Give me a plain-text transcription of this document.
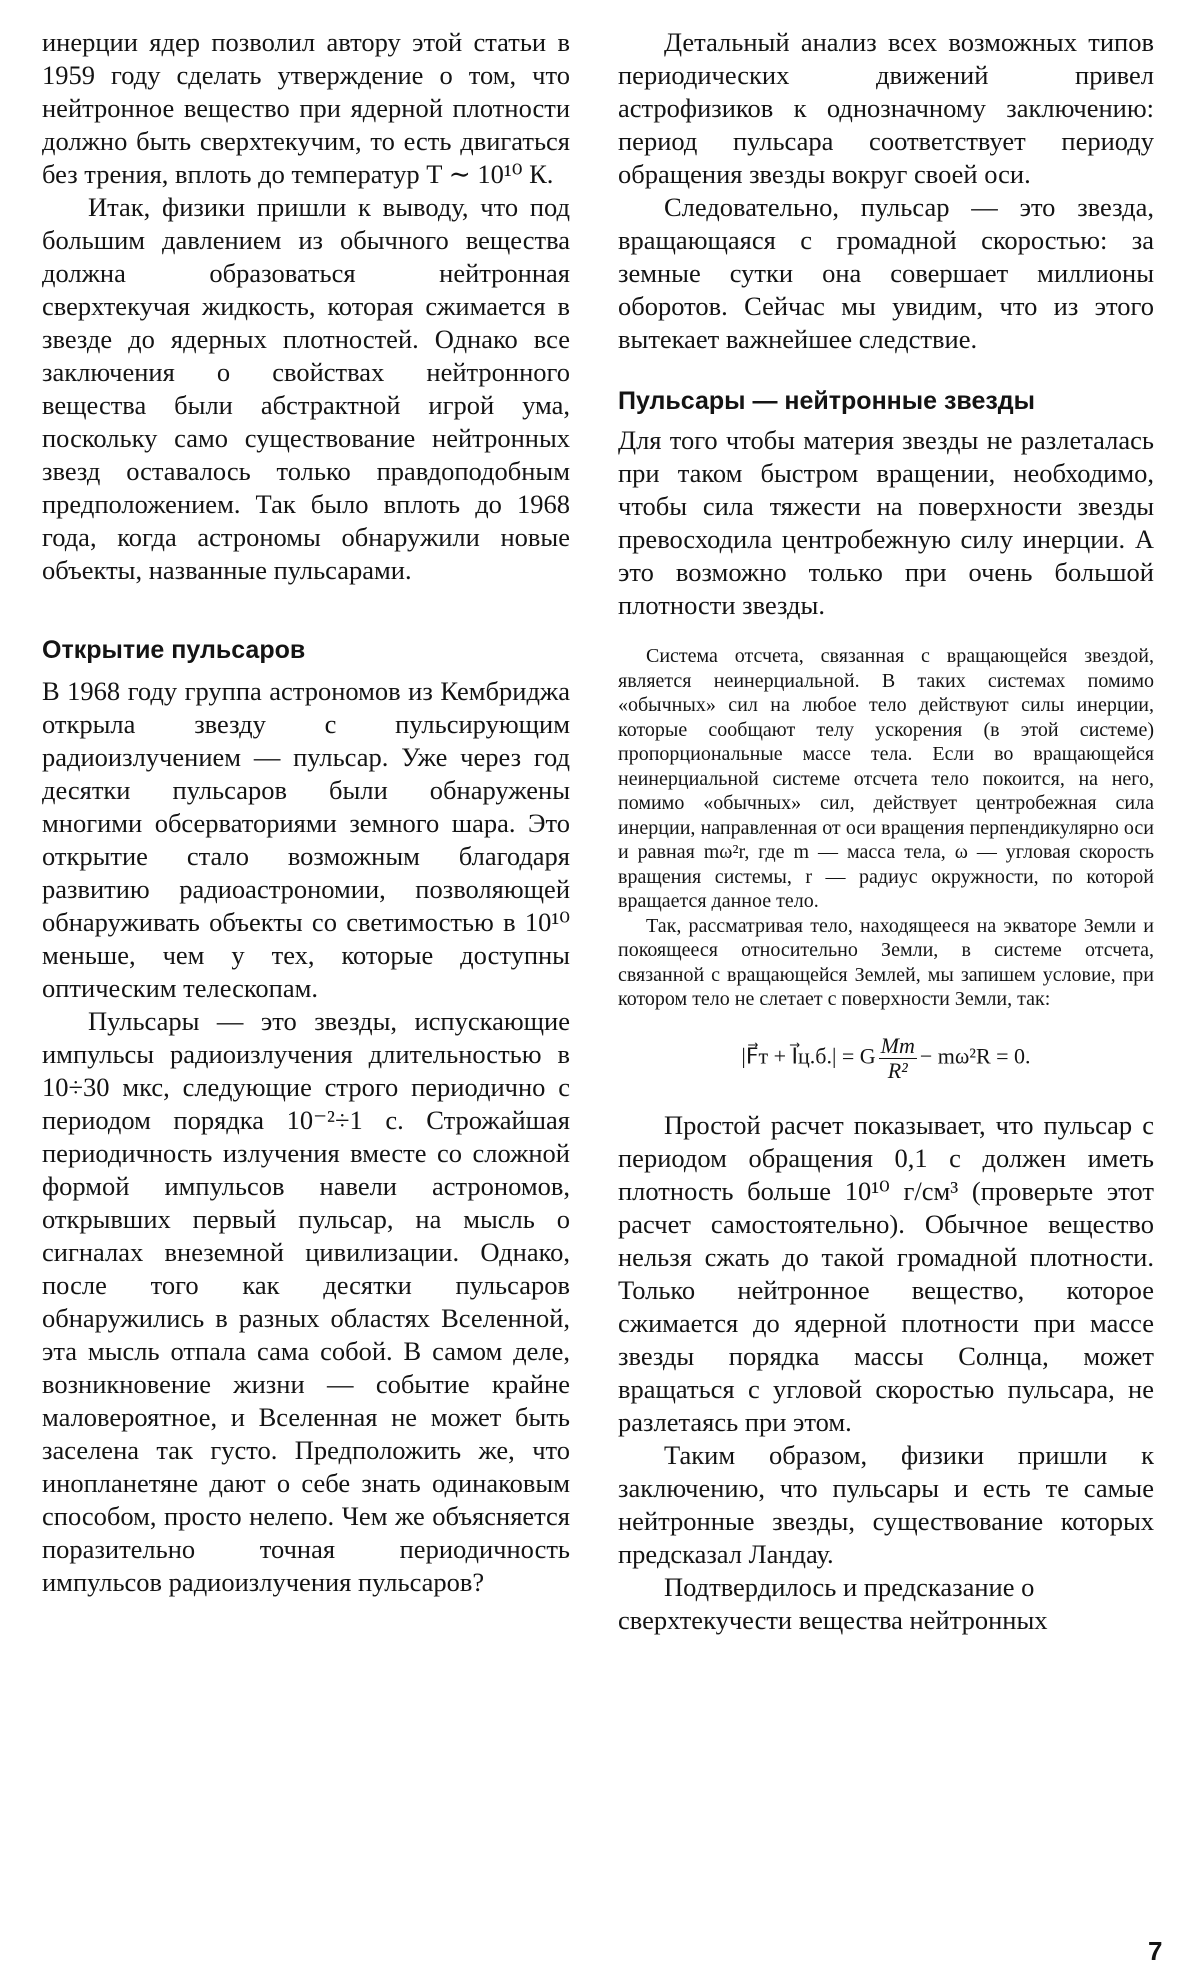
инерции ядер позволил автору этой статьи в 1959 году сделать утверждение о том, что нейтронное вещество при ядерной плотности должно быть сверхтекучим, то есть двигаться без трения, вплоть до температур T ∼ 10¹⁰ К.

Итак, физики пришли к выводу, что под большим давлением из обычного вещества должна образоваться нейтронная сверхтекучая жидкость, которая сжимается в звезде до ядерных плотностей. Однако все заключения о свойствах нейтронного вещества были абстрактной игрой ума, поскольку само существование нейтронных звезд оставалось только правдоподобным предположением. Так было вплоть до 1968 года, когда астрономы обнаружили новые объекты, названные пульсарами.

Открытие пульсаров

В 1968 году группа астрономов из Кембриджа открыла звезду с пульсирующим радиоизлучением — пульсар. Уже через год десятки пульсаров были обнаружены многими обсерваториями земного шара. Это открытие стало возможным благодаря развитию радиоастрономии, позволяющей обнаруживать объекты со светимостью в 10¹⁰ меньше, чем у тех, которые доступны оптическим телескопам.

Пульсары — это звезды, испускающие импульсы радиоизлучения длительностью в 10÷30 мкс, следующие строго периодично с периодом порядка 10⁻²÷1 с. Строжайшая периодичность излучения вместе со сложной формой импульсов навели астрономов, открывших первый пульсар, на мысль о сигналах внеземной цивилизации. Однако, после того как десятки пульсаров обнаружились в разных областях Вселенной, эта мысль отпала сама собой. В самом деле, возникновение жизни — событие крайне маловероятное, и Вселенная не может быть заселена так густо. Предположить же, что инопланетяне дают о себе знать одинаковым способом, просто нелепо. Чем же объясняется поразительно точная периодичность импульсов радиоизлучения пульсаров?

Детальный анализ всех возможных типов периодических движений привел астрофизиков к однозначному заключению: период пульсара соответствует периоду обращения звезды вокруг своей оси.

Следовательно, пульсар — это звезда, вращающаяся с громадной скоростью: за земные сутки она совершает миллионы оборотов. Сейчас мы увидим, что из этого вытекает важнейшее следствие.

Пульсары — нейтронные звезды

Для того чтобы материя звезды не разлеталась при таком быстром вращении, необходимо, чтобы сила тяжести на поверхности звезды превосходила центробежную силу инерции. А это возможно только при очень большой плотности звезды.

Система отсчета, связанная с вращающейся звездой, является неинерциальной. В таких системах помимо «обычных» сил на любое тело действуют силы инерции, которые сообщают телу ускорения (в этой системе) пропорциональные массе тела. Если во вращающейся неинерциальной системе отсчета тело покоится, на него, помимо «обычных» сил, действует центробежная сила инерции, направленная от оси вращения перпендикулярно оси и равная mω²r, где m — масса тела, ω — угловая скорость вращения системы, r — радиус окружности, по которой вращается данное тело.

Так, рассматривая тело, находящееся на экваторе Земли и покоящееся относительно Земли, в системе отсчета, связанной с вращающейся Землей, мы запишем условие, при котором тело не слетает с поверхности Земли, так:

|F⃗т + I⃗ц.б.| = G $\frac{Mm}{\text{R²}} - m\omega^2R = 0$.

Простой расчет показывает, что пульсар с периодом обращения 0,1 с должен иметь плотность больше 10¹⁰ г/см³ (проверьте этот расчет самостоятельно). Обычное вещество нельзя сжать до такой громадной плотности. Только нейтронное вещество, которое сжимается до ядерной плотности при массе звезды порядка массы Солнца, может вращаться с угловой скоростью пульсара, не разлетаясь при этом.

Таким образом, физики пришли к заключению, что пульсары и есть те самые нейтронные звезды, существование которых предсказал Ландау.

Подтвердилось и предсказание о сверхтекучести вещества нейтронных

7
